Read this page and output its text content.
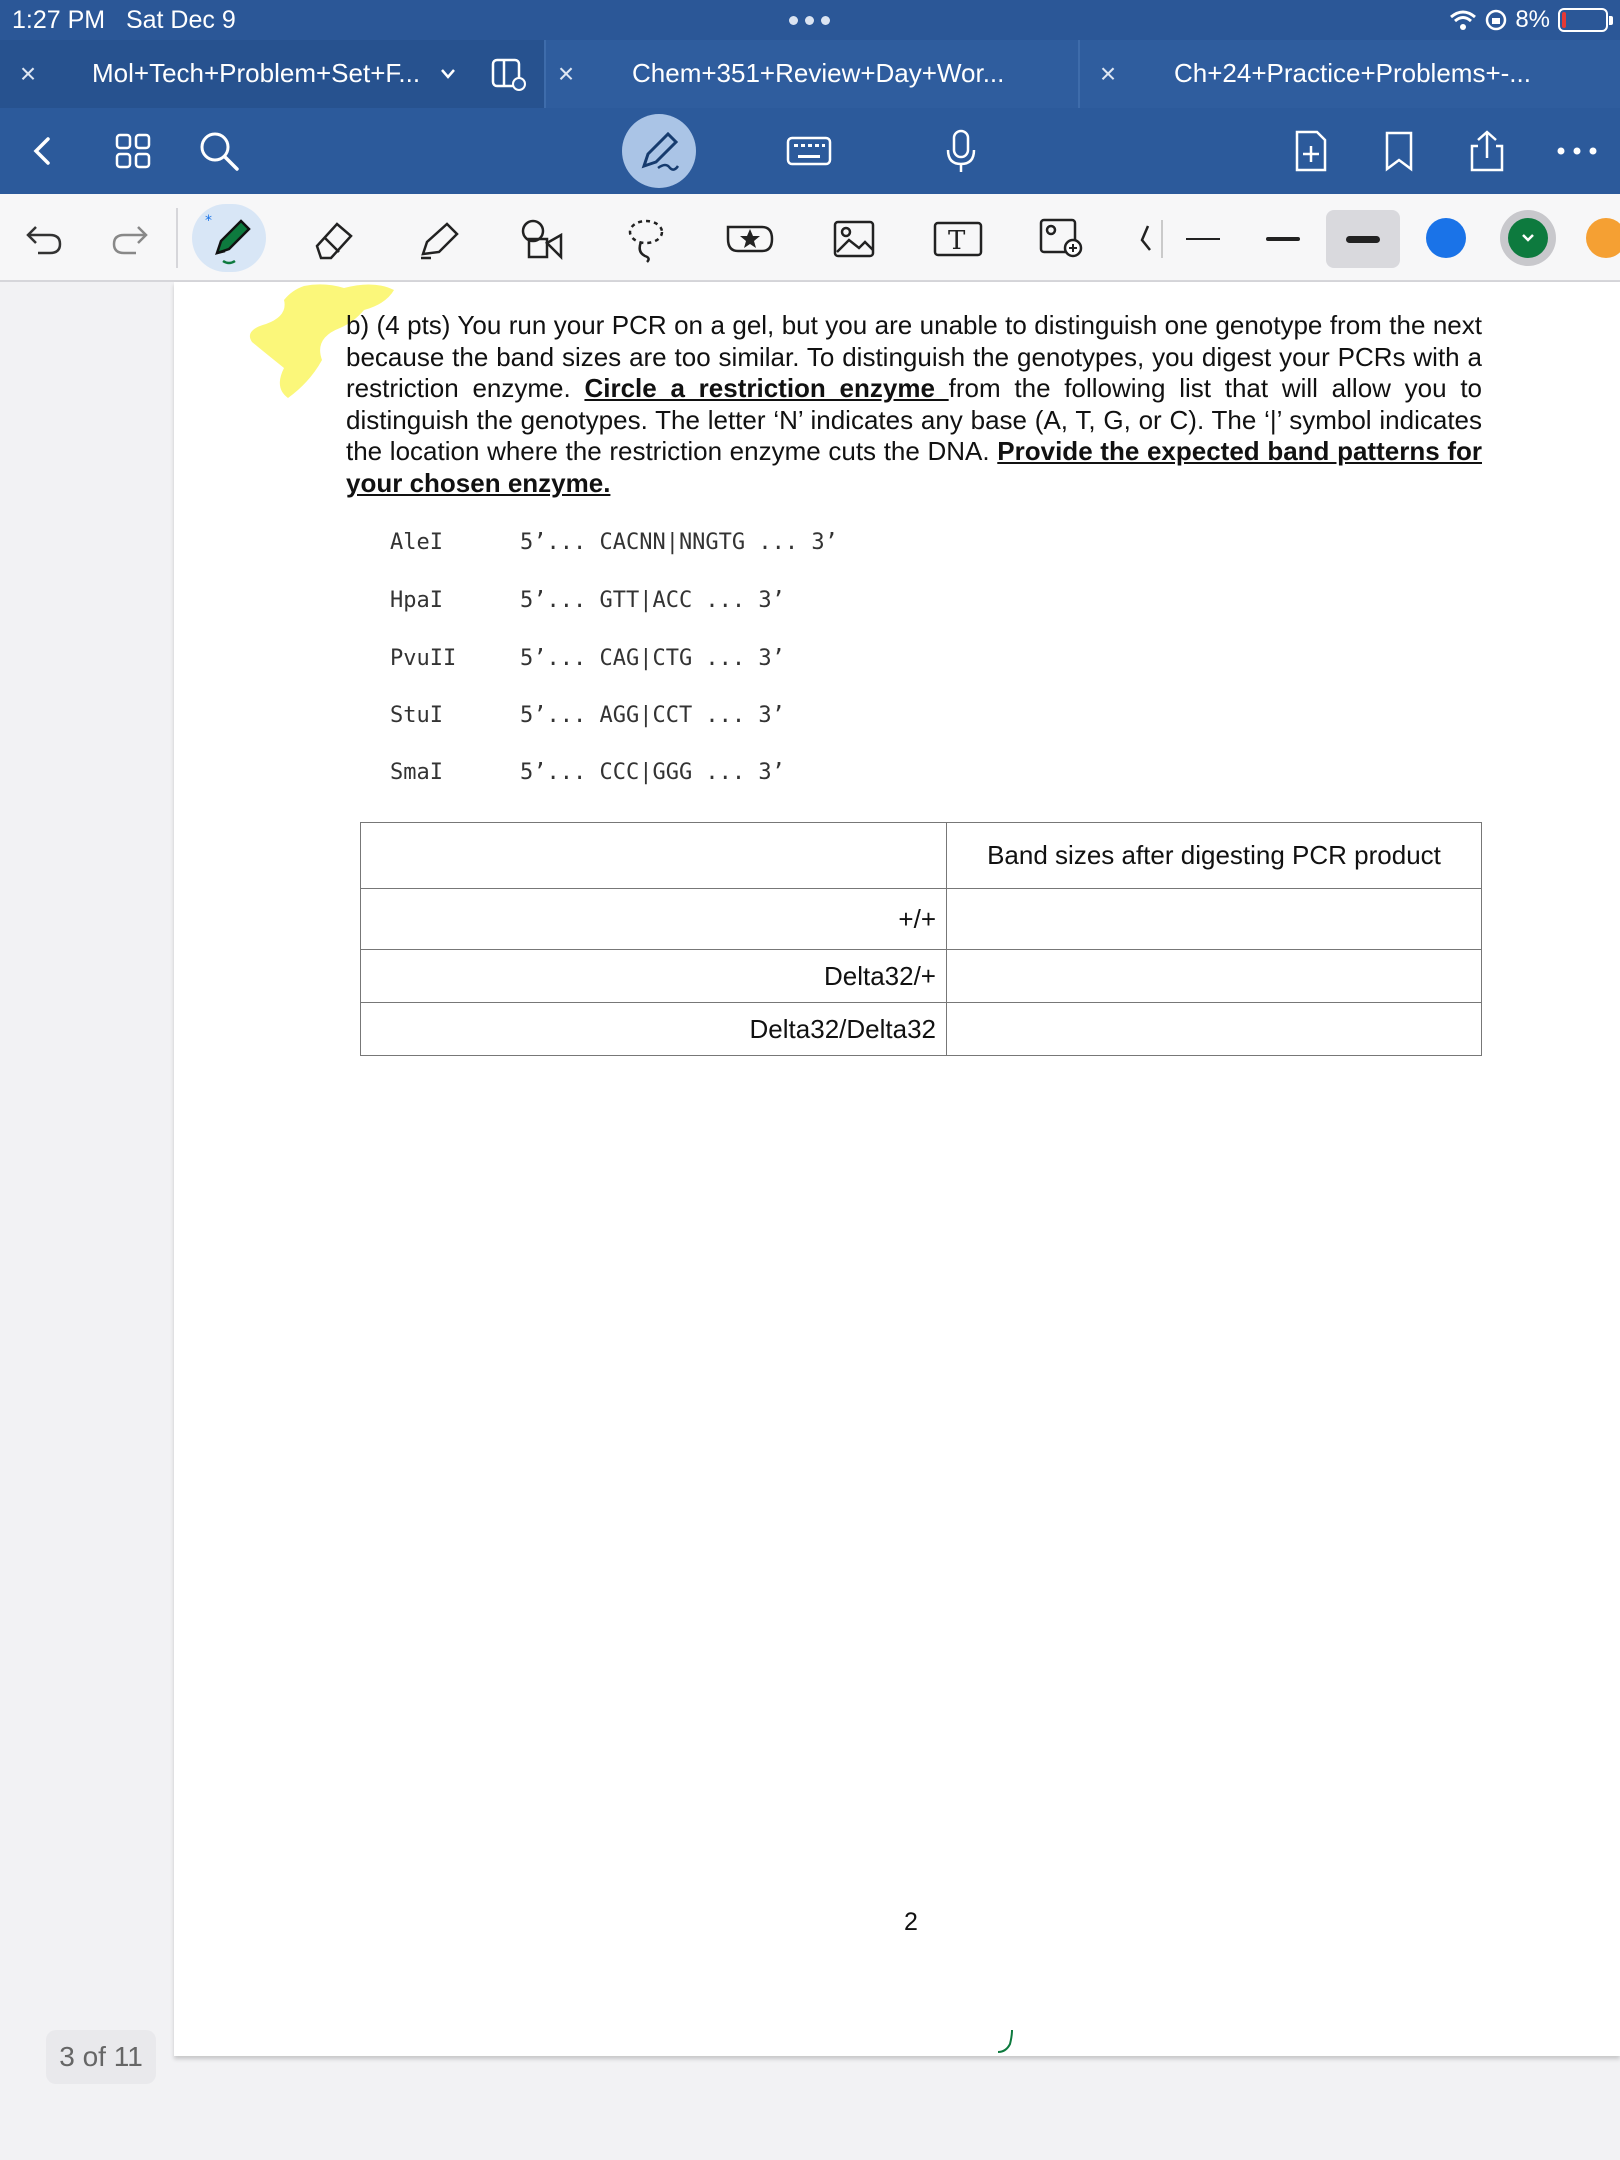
1:27 PM Sat Dec 9	8%
×	Mol+Tech+Problem+Set+F...	×	Chem+351+Review+Day+Wor...	×	Ch+24+Practice+Problems+-...
*
T
3 of 11
b) (4 pts) You run your PCR on a gel, but you are unable to distinguish one genotype from the next because the band sizes are too similar. To distinguish the genotypes, you digest your PCRs with a restriction enzyme. Circle a restriction enzyme from the following list that will allow you to distinguish the genotypes. The letter ‘N’ indicates any base (A, T, G, or C). The ‘|’ symbol indicates the location where the restriction enzyme cuts the DNA. Provide the expected band patterns for your chosen enzyme.
AleI	5’... CACNN|NNGTG ... 3’
HpaI	5’... GTT|ACC ... 3’
PvuII	5’... CAG|CTG ... 3’
StuI	5’... AGG|CCT ... 3’
SmaI	5’... CCC|GGG ... 3’
	Band sizes after digesting PCR product
+/+	
Delta32/+	
Delta32/Delta32	
2
